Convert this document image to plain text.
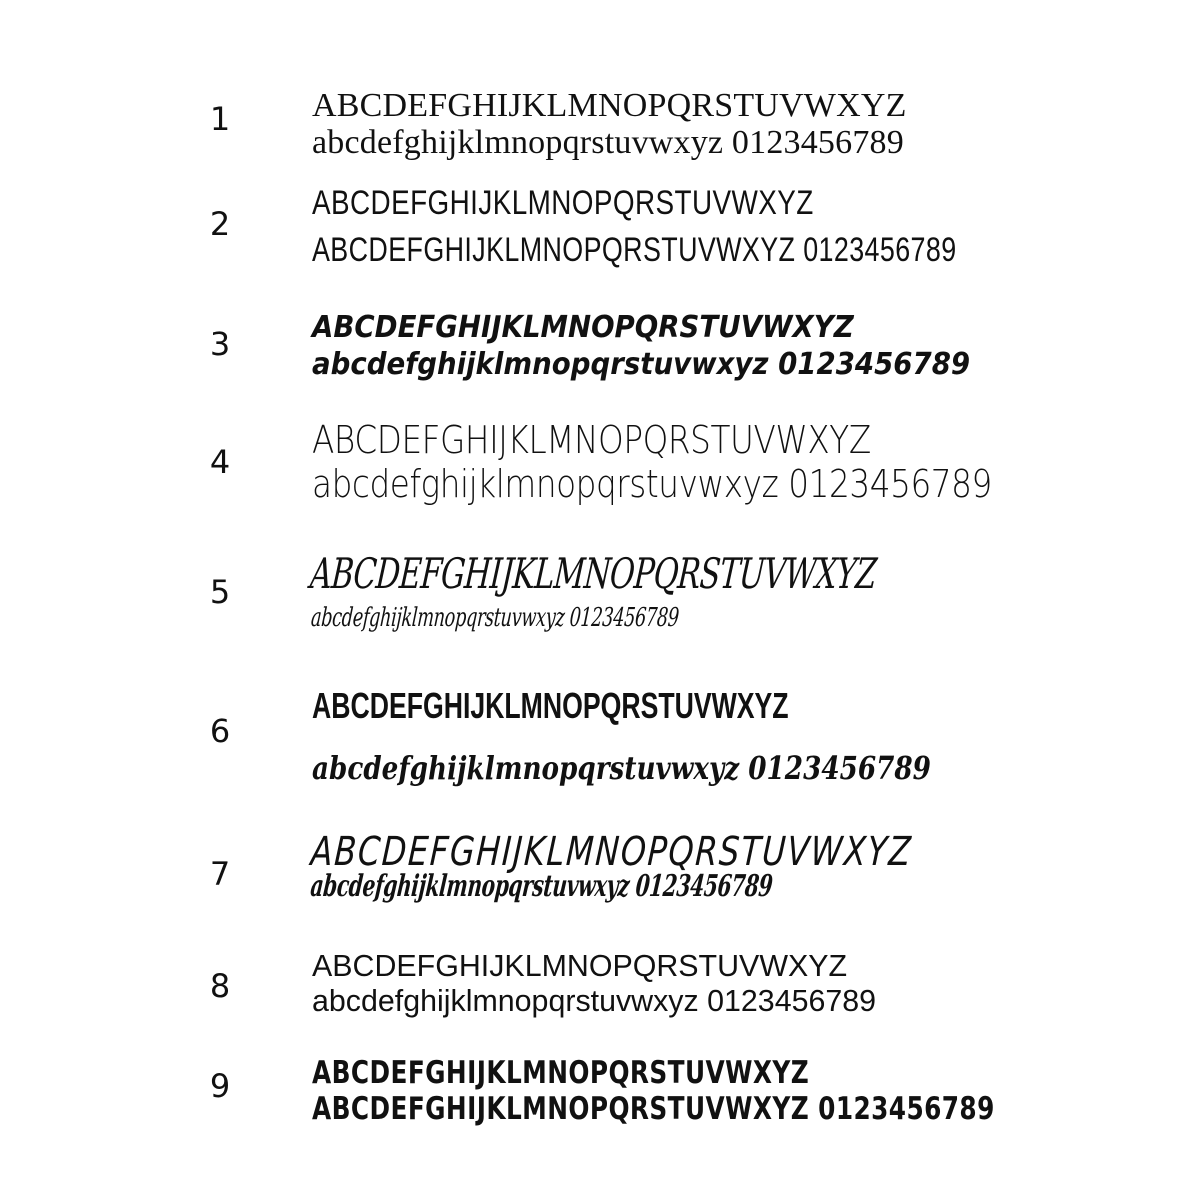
1 ABCDEFGHIJKLMNOPQRSTUVWXYZ
abcdefghijklmnopqrstuvwxyz 0123456789
2
ABCDEFGHIJKLMNOPQRSTUVWXYZ
ABCDEFGHIJKLMNOPQRSTUVWXYZ 0123456789
3	ABCDEFGHIJKLMNOPQRSTUVWXYZ
abcdefghijklmnopqrstuvwxyz 0123456789
4 ABCDEFGHIJKLMNOPQRSTUVWXYZ
abcdefghijklmnopqrstuvwxyz 0123456789
5 ABCDEFGHIJKLMNOPQRSTUVWXYZ
abcdefghijklmnopqrstuvwxyz 0123456789
6
ABCDEFGHIJKLMNOPQRSTUVWXYZ
abcdefghijklmnopqrstuvwxyz 0123456789
7 ABCDEFGHIJKLMNOPQRSTUVWXYZ
abcdefghijklmnopqrstuvwxyz 0123456789
8
ABCDEFGHIJKLMNOPQRSTUVWXYZ
abcdefghijklmnopqrstuvwxyz 0123456789
9	ABCDEFGHIJKLMNOPQRSTUVWXYZ
ABCDEFGHIJKLMNOPQRSTUVWXYZ 0123456789
